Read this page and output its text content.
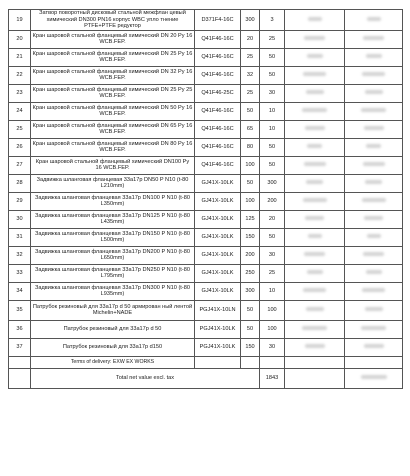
19	Затвор поворотный дисковый стальной межфлан цевый химический DN300 PN16 корпус WBC упло тнение PTFE+PTFE редуктор	D371F4-16C	300	3		
20	Кран шаровой стальной фланцевый химический DN 20 Py 16 WCB.FEP.	Q41F46-16C	20	25		
21	Кран шаровой стальной фланцевый химический DN 25 Py 16 WCB.FEP.	Q41F46-16C	25	50		
22	Кран шаровой стальной фланцевый химический DN 32 Py 16 WCB.FEP.	Q41F46-16C	32	50		
23	Кран шаровой стальной фланцевый химический DN 25 Py 25 WCB.FEP.	Q41F46-25C	25	30		
24	Кран шаровой стальной фланцевый химический DN 50 Py 16 WCB.FEP.	Q41F46-16C	50	10		
25	Кран шаровой стальной фланцевый химический DN 65 Py 16 WCB.FEP.	Q41F46-16C	65	10		
26	Кран шаровой стальной фланцевый химический DN 80 Py 16 WCB.FEP.	Q41F46-16C	80	50		
27	Кран шаровой стальной фланцевый химический DN100 Py 16 WCB.FEP.	Q41F46-16C	100	50		
28	Задвижка шланговая фланцевая 33a17p DN50 P N10 (t-80 L210mm)	GJ41X-10LK	50	300		
29	Задвижка шланговая фланцевая 33a17p DN100 P N10 (t-80 L350mm)	GJ41X-10LK	100	200		
30	Задвижка шланговая фланцевая 33a17p DN125 P N10 (t-80 L435mm)	GJ41X-10LK	125	20		
31	Задвижка шланговая фланцевая 33a17p DN150 P N10 (t-80 L500mm)	GJ41X-10LK	150	50		
32	Задвижка шланговая фланцевая 33a17p DN200 P N10 (t-80 L650mm)	GJ41X-10LK	200	30		
33	Задвижка шланговая фланцевая 33a17p DN250 P N10 (t-80 L795mm)	GJ41X-10LK	250	25		
34	Задвижка шланговая фланцевая 33a17p DN300 P N10 (t-80 L935mm)	GJ41X-10LK	300	10		
35	Патрубок резиновый для 33a17p d 50 армирован ный лентой Michelin+NADE	PGJ41X-10LN	50	100		
36	Патрубок резиновый для 33a17p d 50	PGJ41X-10LK	50	100		
37	Патрубок резиновый для 33a17p d150	PGJ41X-10LK	150	30		
	Terms of delivery: EXW EX WORKS					
	Total net value excl. tax			1843		
